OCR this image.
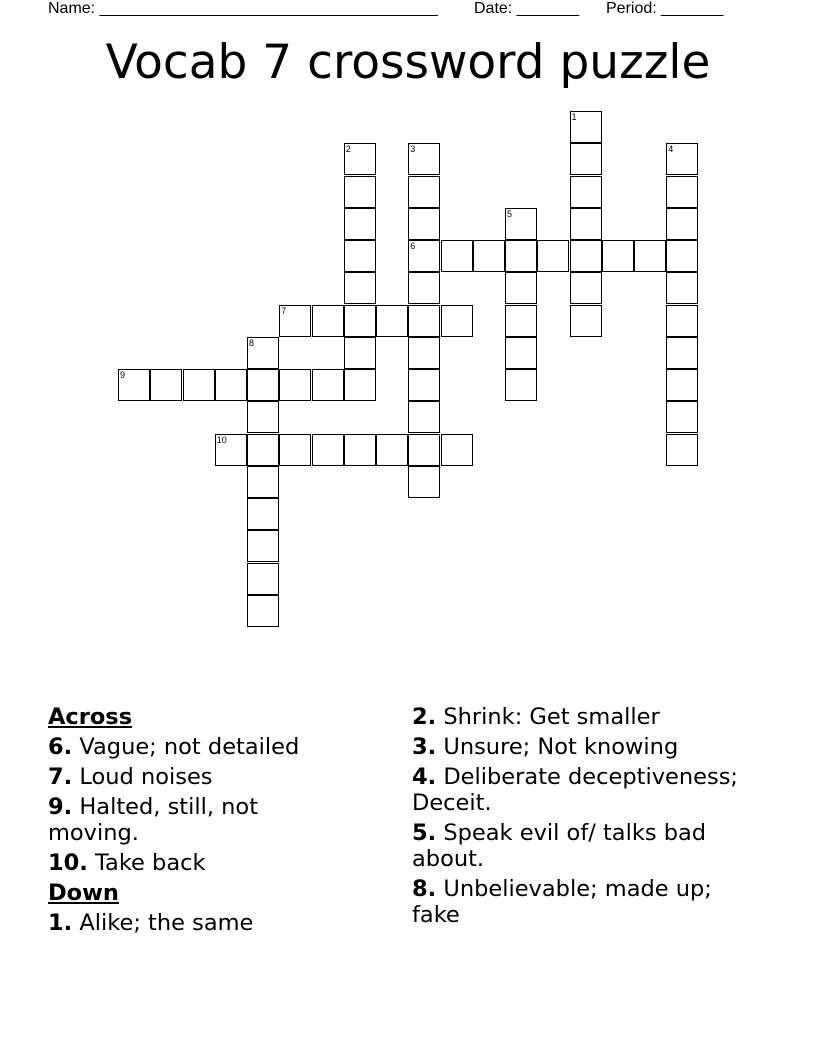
Name: ______________________________________ Date: _______ Period: _______
Vocab 7 crossword puzzle
1
2	3
6
4
5
7
8
9
10
Across
6. Vague; not detailed
7. Loud noises
9. Halted, still, not moving.
10. Take back
Down
1. Alike; the same
2. Shrink: Get smaller
3. Unsure; Not knowing
4. Deliberate deceptiveness; Deceit.
5. Speak evil of/ talks bad about.
8. Unbelievable; made up; fake
